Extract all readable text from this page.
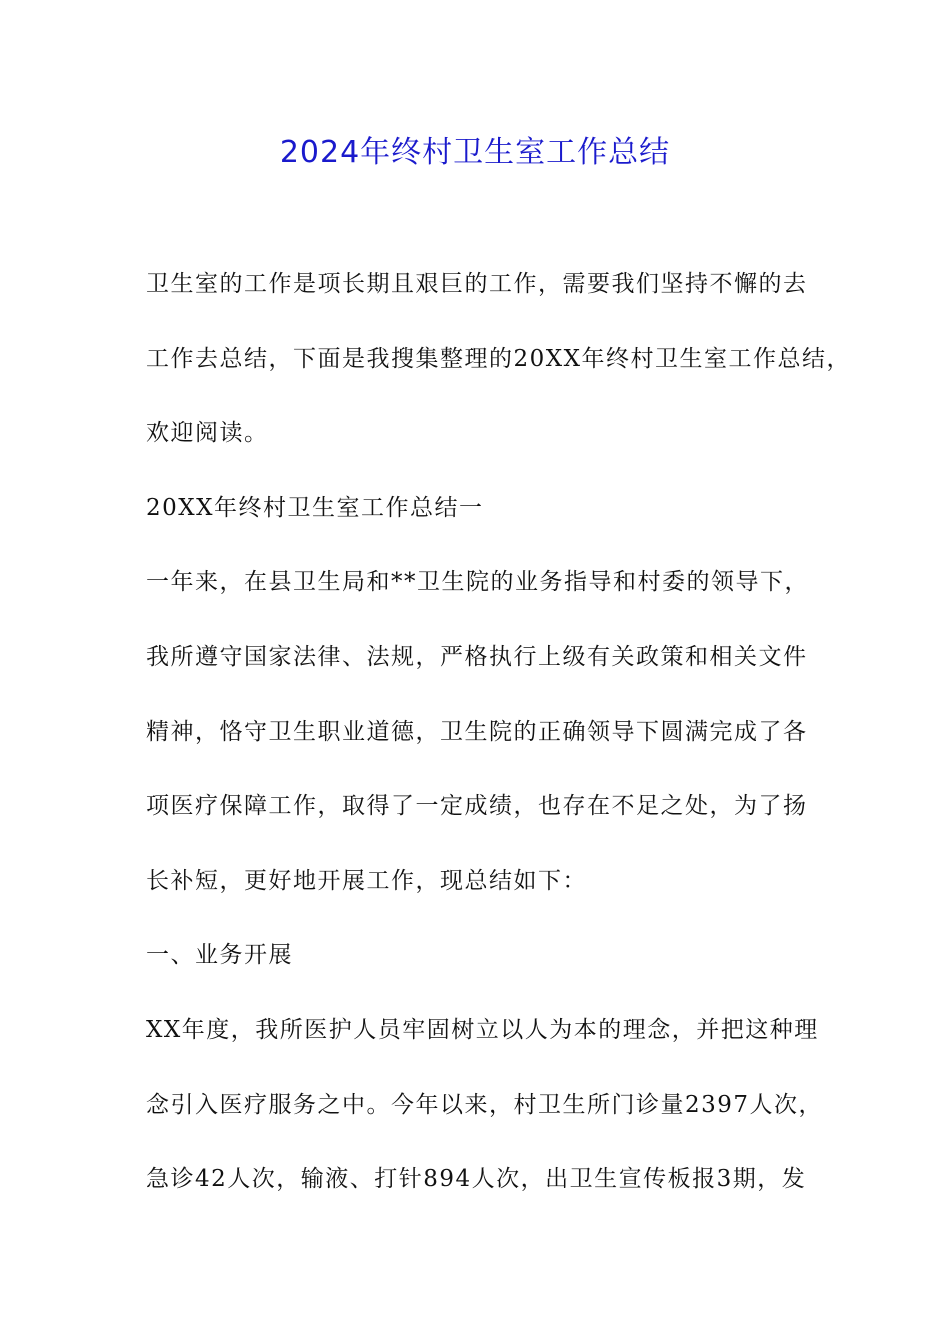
2024年终村卫生室工作总结
卫生室的工作是项长期且艰巨的工作，需要我们坚持不懈的去
工作去总结，下面是我搜集整理的20XX年终村卫生室工作总结，
欢迎阅读。
20XX年终村卫生室工作总结一
一年来，在县卫生局和**卫生院的业务指导和村委的领导下，
我所遵守国家法律、法规，严格执行上级有关政策和相关文件
精神，恪守卫生职业道德，卫生院的正确领导下圆满完成了各
项医疗保障工作，取得了一定成绩，也存在不足之处，为了扬
长补短，更好地开展工作，现总结如下：
一、业务开展
XX年度，我所医护人员牢固树立以人为本的理念，并把这种理
念引入医疗服务之中。今年以来，村卫生所门诊量2397人次，
急诊42人次，输液、打针894人次，出卫生宣传板报3期，发
